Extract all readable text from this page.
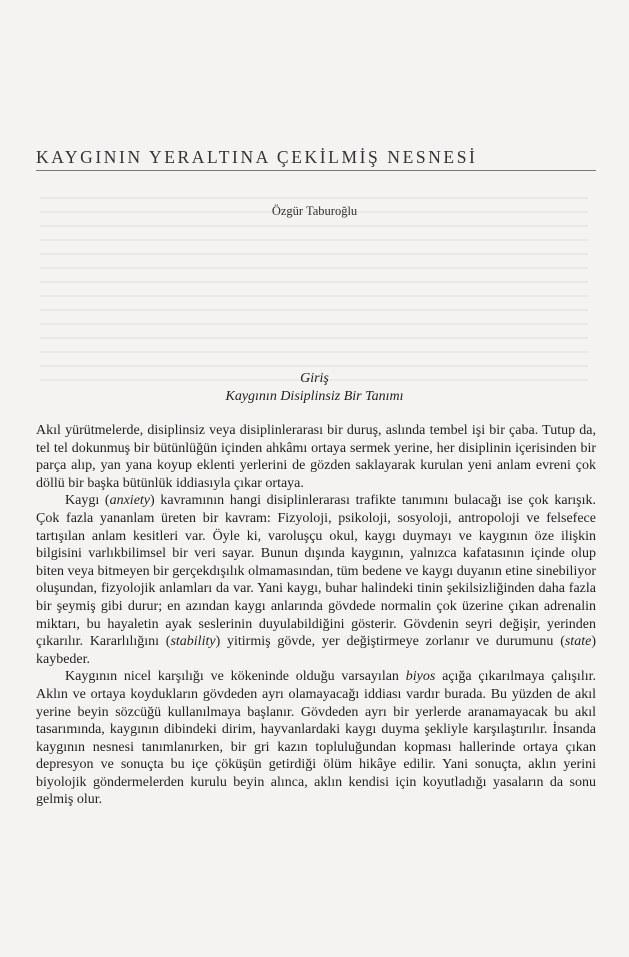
KAYGININ YERALTINA ÇEKİLMİŞ NESNESİ
Özgür Taburoğlu
Giriş
Kaygının Disiplinsiz Bir Tanımı

Akıl yürütmelerde, disiplinsiz veya disiplinlerarası bir duruş, aslında tembel işi bir çaba. Tutup da, tel tel dokunmuş bir bütünlüğün içinden ahkâmı ortaya sermek yerine, her disiplinin içerisinden bir parça alıp, yan yana koyup eklenti yerlerini de gözden saklayarak kurulan yeni anlam evreni çok döllü bir başka bütünlük iddiasıyla çıkar ortaya.

Kaygı (anxiety) kavramının hangi disiplinlerarası trafikte tanımını bulacağı ise çok karışık. Çok fazla yananlam üreten bir kavram: Fizyoloji, psikoloji, sosyoloji, antropoloji ve felsefece tartışılan anlam kesitleri var. Öyle ki, varoluşçu okul, kaygı duymayı ve kaygının öze ilişkin bilgisini varlıkbilimsel bir veri sayar. Bunun dışında kaygının, yalnızca kafatasının içinde olup biten veya bitmeyen bir gerçekdışılık olmamasından, tüm bedene ve kaygı duyanın etine sinebiliyor oluşundan, fizyolojik anlamları da var. Yani kaygı, buhar halindeki tinin şekilsizliğinden daha fazla bir şeymiş gibi durur; en azından kaygı anlarında gövdede normalin çok üzerine çıkan adrenalin miktarı, bu hayaletin ayak seslerinin duyulabildiğini gösterir. Gövdenin seyri değişir, yerinden çıkarılır. Kararlılığını (stability) yitirmiş gövde, yer değiştirmeye zorlanır ve durumunu (state) kaybeder.

Kaygının nicel karşılığı ve kökeninde olduğu varsayılan biyos açığa çıkarılmaya çalışılır. Aklın ve ortaya koydukların gövdeden ayrı olamayacağı iddiası vardır burada. Bu yüzden de akıl yerine beyin sözcüğü kullanılmaya başlanır. Gövdeden ayrı bir yerlerde aranamayacak bu akıl tasarımında, kaygının dibindeki dirim, hayvanlardaki kaygı duyma şekliyle karşılaştırılır. İnsanda kaygının nesnesi tanımlanırken, bir gri kazın topluluğundan kopması hallerinde ortaya çıkan depresyon ve sonuçta bu içe çöküşün getirdiği ölüm hikâye edilir. Yani sonuçta, aklın yerini biyolojik göndermelerden kurulu beyin alınca, aklın kendisi için koyutladığı yasaların da sonu gelmiş olur.
